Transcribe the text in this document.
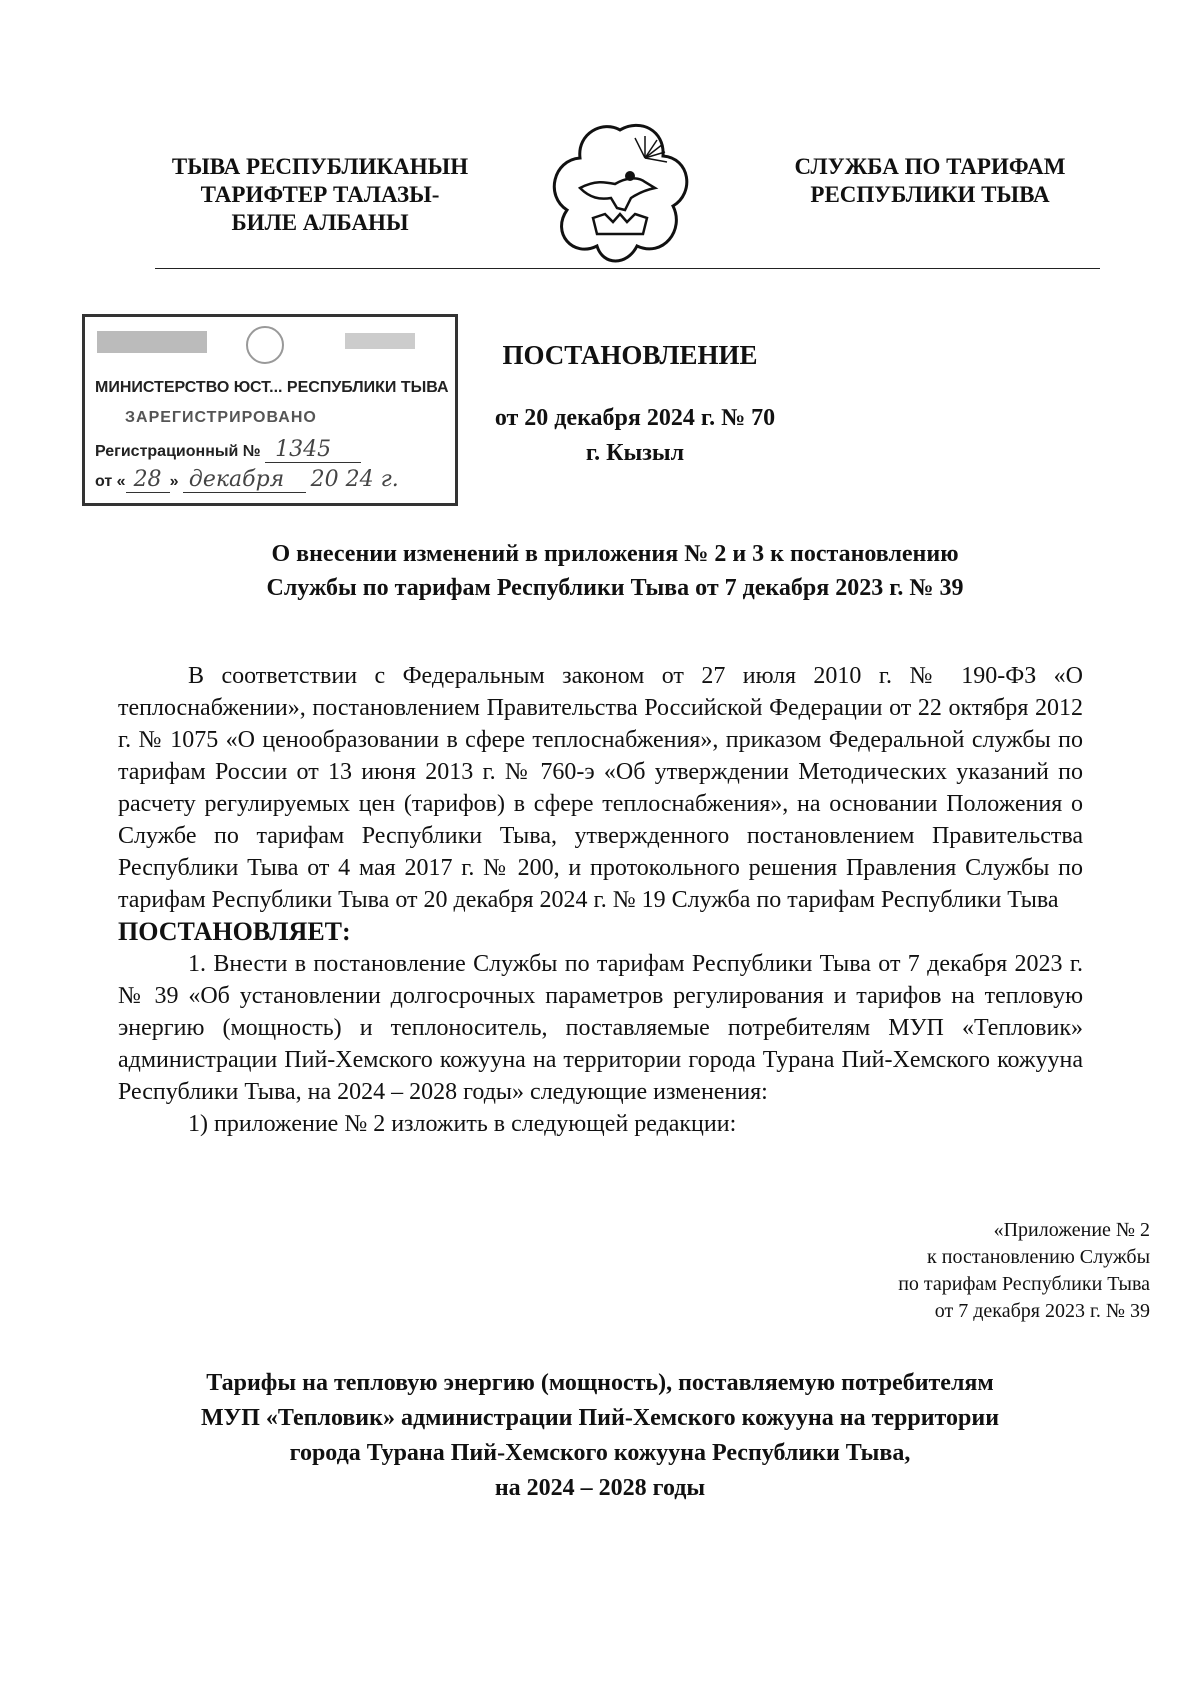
ТЫВА РЕСПУБЛИКАНЫН
ТАРИФТЕР ТАЛАЗЫ-
БИЛЕ АЛБАНЫ
СЛУЖБА ПО ТАРИФАМ
РЕСПУБЛИКИ ТЫВА
МИНИСТЕРСТВО ЮСТ... РЕСПУБЛИКИ ТЫВА
ЗАРЕГИСТРИРОВАНО
Регистрационный № 1345
от « 28 » декабря 20 24 г.
ПОСТАНОВЛЕНИЕ
от 20 декабря 2024 г. № 70
г. Кызыл
О внесении изменений в приложения № 2 и 3 к постановлению
Службы по тарифам Республики Тыва от 7 декабря 2023 г. № 39

В соответствии с Федеральным законом от 27 июля 2010 г. № 190-ФЗ «О теплоснабжении», постановлением Правительства Российской Федерации от 22 октября 2012 г. № 1075 «О ценообразовании в сфере теплоснабжения», приказом Федеральной службы по тарифам России от 13 июня 2013 г. № 760-э «Об утверждении Методических указаний по расчету регулируемых цен (тарифов) в сфере теплоснабжения», на основании Положения о Службе по тарифам Республики Тыва, утвержденного постановлением Правительства Республики Тыва от 4 мая 2017 г. № 200, и протокольного решения Правления Службы по тарифам Республики Тыва от 20 декабря 2024 г. № 19 Служба по тарифам Республики Тыва

ПОСТАНОВЛЯЕТ:

1. Внести в постановление Службы по тарифам Республики Тыва от 7 декабря 2023 г. № 39 «Об установлении долгосрочных параметров регулирования и тарифов на тепловую энергию (мощность) и теплоноситель, поставляемые потребителям МУП «Тепловик» администрации Пий-Хемского кожууна на территории города Турана Пий-Хемского кожууна Республики Тыва, на 2024 – 2028 годы» следующие изменения:

1) приложение № 2 изложить в следующей редакции:

«Приложение № 2
к постановлению Службы
по тарифам Республики Тыва
от 7 декабря 2023 г. № 39
Тарифы на тепловую энергию (мощность), поставляемую потребителям
МУП «Тепловик» администрации Пий-Хемского кожууна на территории
города Турана Пий-Хемского кожууна Республики Тыва,
на 2024 – 2028 годы
